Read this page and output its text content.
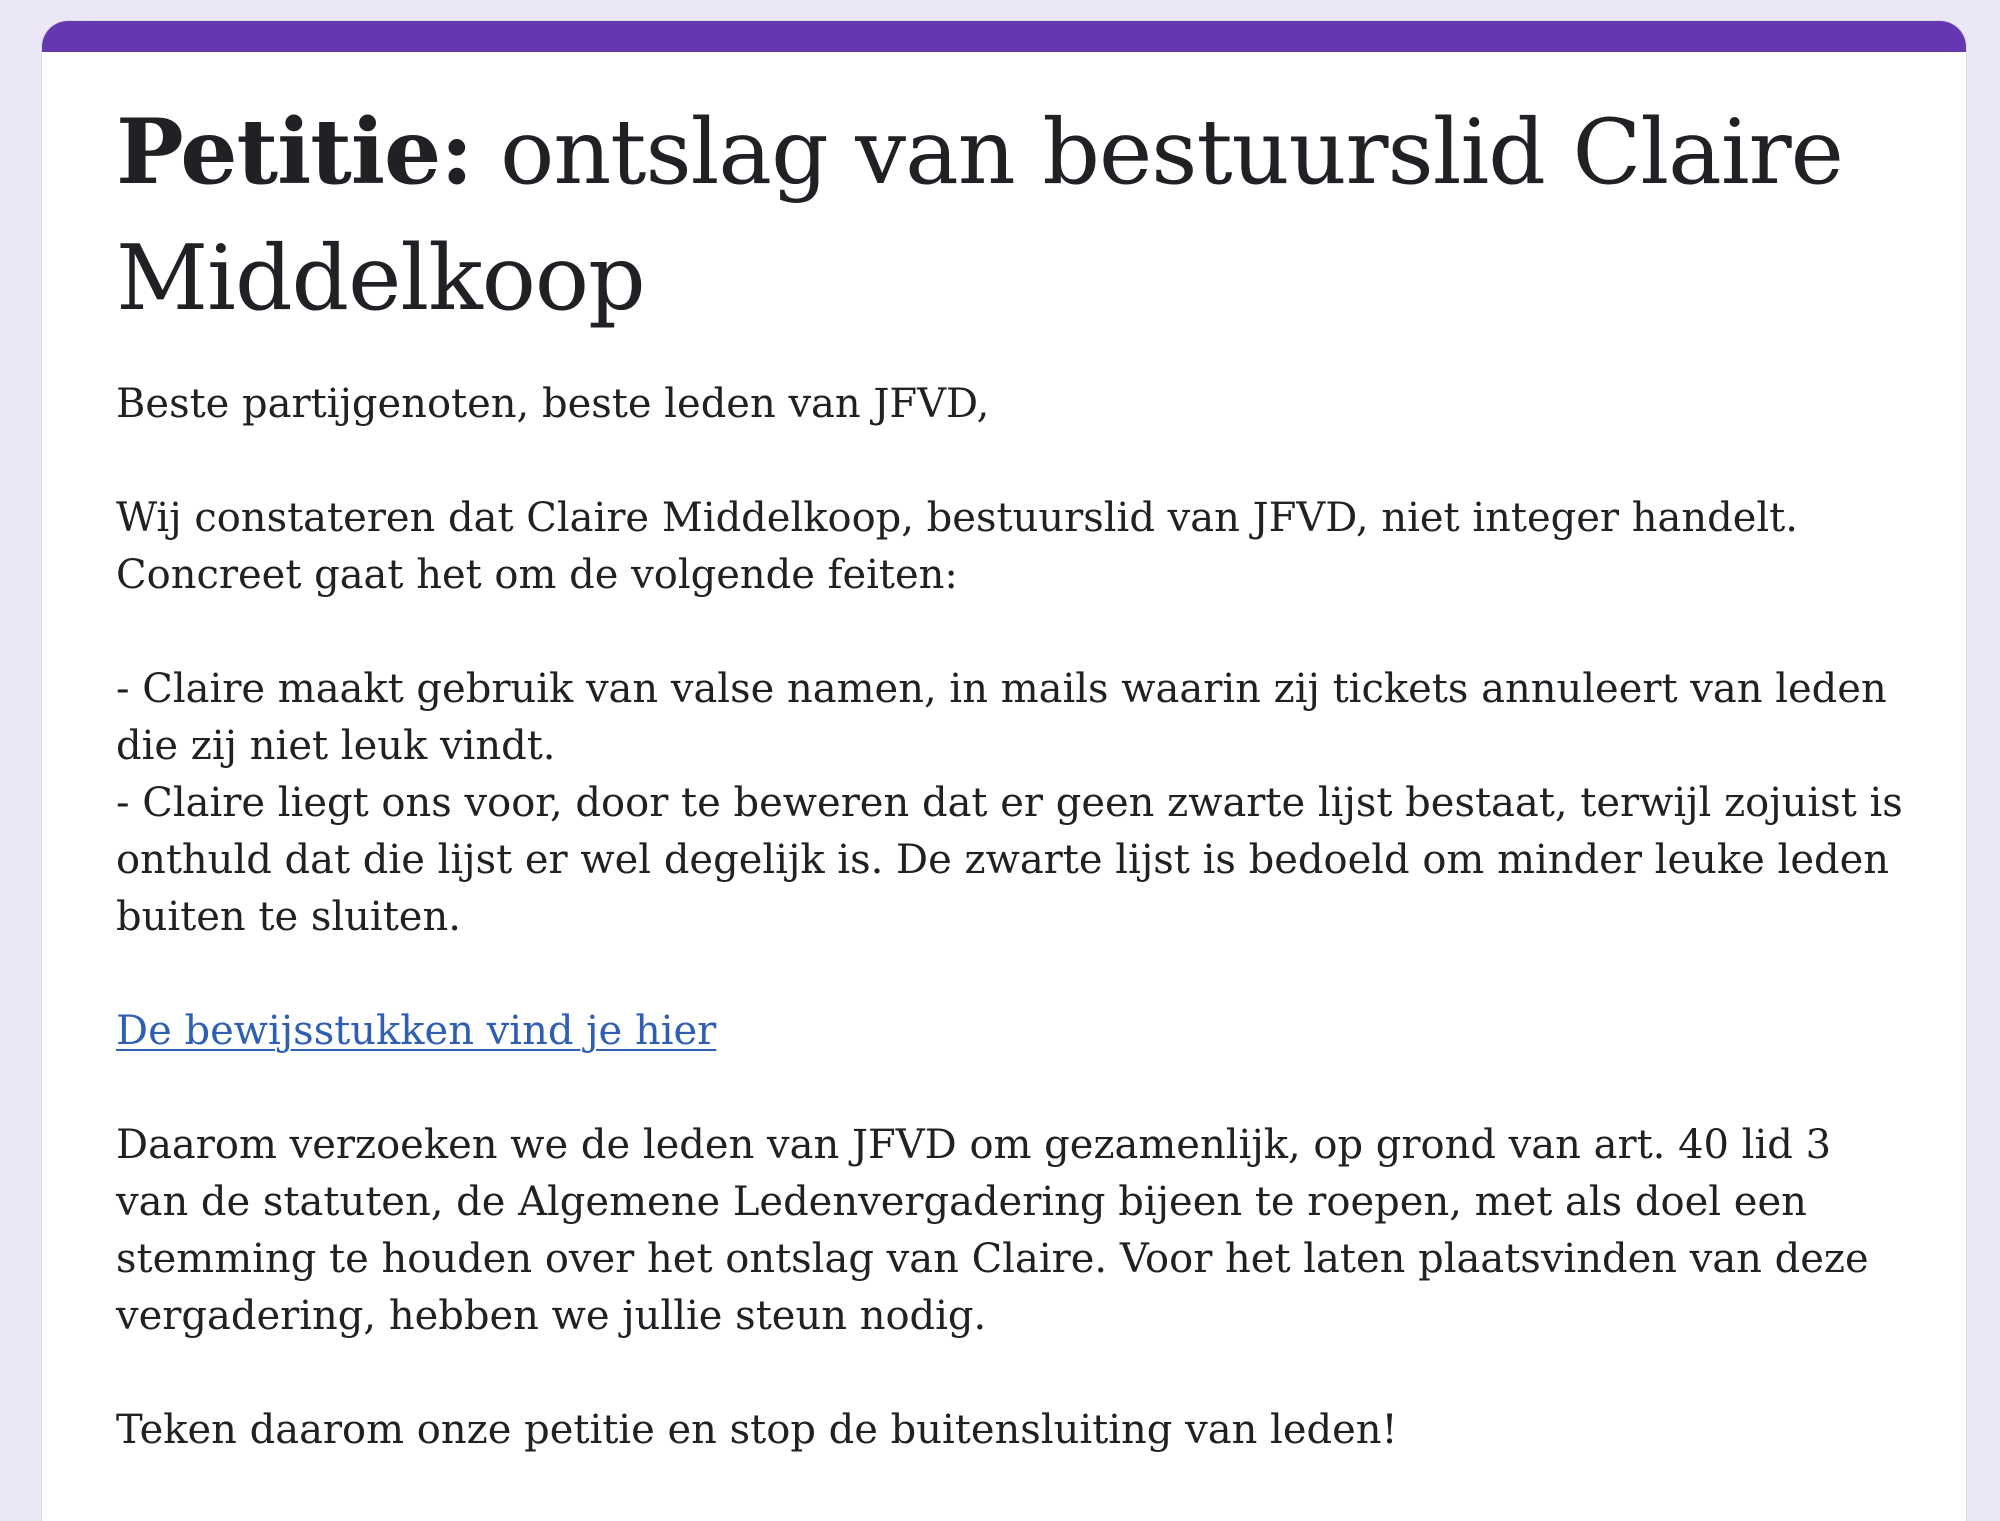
Petitie: ontslag van bestuurslid Claire Middelkoop
Beste partijgenoten, beste leden van JFVD,
Wij constateren dat Claire Middelkoop, bestuurslid van JFVD, niet integer handelt.
Concreet gaat het om de volgende feiten:
- Claire maakt gebruik van valse namen, in mails waarin zij tickets annuleert van leden die zij niet leuk vindt.
- Claire liegt ons voor, door te beweren dat er geen zwarte lijst bestaat, terwijl zojuist is onthuld dat die lijst er wel degelijk is. De zwarte lijst is bedoeld om minder leuke leden buiten te sluiten.
De bewijsstukken vind je hier
Daarom verzoeken we de leden van JFVD om gezamenlijk, op grond van art. 40 lid 3 van de statuten, de Algemene Ledenvergadering bijeen te roepen, met als doel een stemming te houden over het ontslag van Claire. Voor het laten plaatsvinden van deze vergadering, hebben we jullie steun nodig.
Teken daarom onze petitie en stop de buitensluiting van leden!
